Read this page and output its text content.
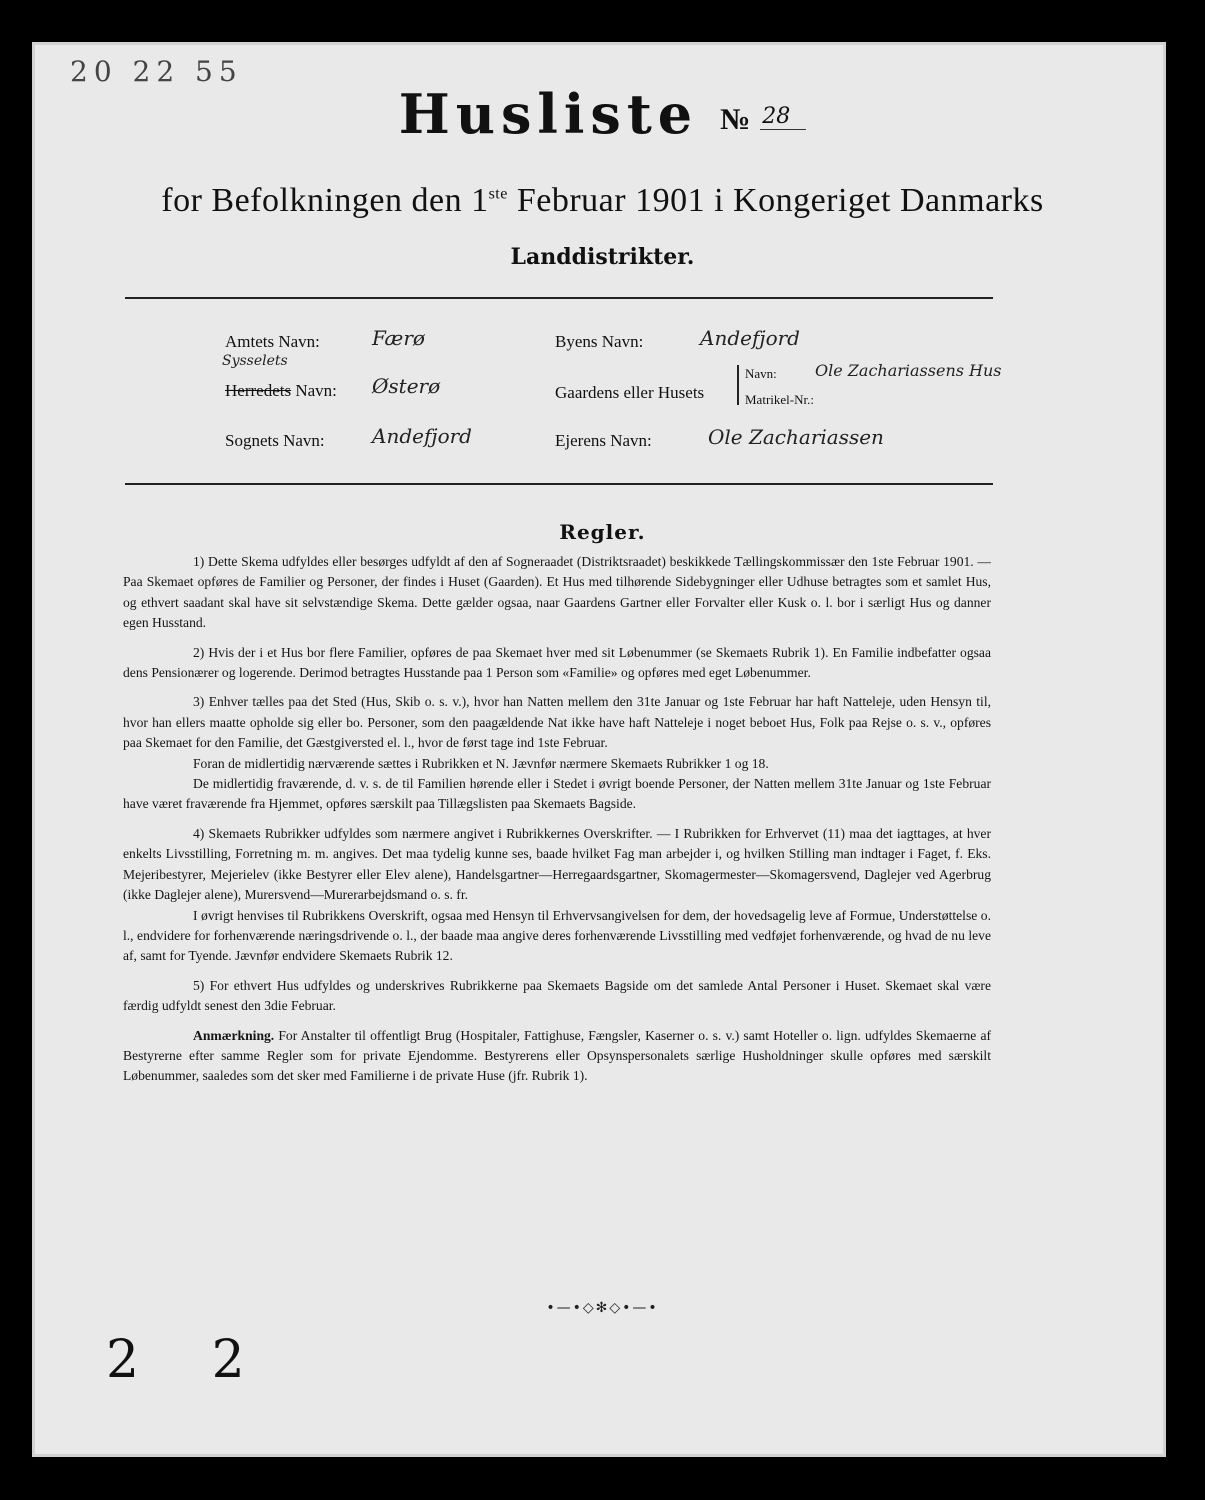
20 22 55
Husliste № 28
for Befolkningen den 1ste Februar 1901 i Kongeriget Danmarks
Landdistrikter.
Amtets Navn:	Færø	Byens Navn:	Andefjord
Sysselets
Herredets Navn: Østerø	Gaardens eller Husets
Navn: Ole Zachariassens Hus
Matrikel-Nr.:
Sognets Navn: Andefjord	Ejerens Navn:	Ole Zachariassen
Regler.

1) Dette Skema udfyldes eller besørges udfyldt af den af Sogneraadet (Distriktsraadet) beskikkede Tællingskommissær den 1ste Februar 1901. — Paa Skemaet opføres de Familier og Personer, der findes i Huset (Gaarden). Et Hus med tilhørende Sidebygninger eller Udhuse betragtes som et samlet Hus, og ethvert saadant skal have sit selvstændige Skema. Dette gælder ogsaa, naar Gaardens Gartner eller Forvalter eller Kusk o. l. bor i særligt Hus og danner egen Husstand.

2) Hvis der i et Hus bor flere Familier, opføres de paa Skemaet hver med sit Løbenummer (se Skemaets Rubrik 1). En Familie indbefatter ogsaa dens Pensionærer og logerende. Derimod betragtes Husstande paa 1 Person som «Familie» og opføres med eget Løbenummer.

3) Enhver tælles paa det Sted (Hus, Skib o. s. v.), hvor han Natten mellem den 31te Januar og 1ste Februar har haft Natteleje, uden Hensyn til, hvor han ellers maatte opholde sig eller bo. Personer, som den paagældende Nat ikke have haft Natteleje i noget beboet Hus, Folk paa Rejse o. s. v., opføres paa Skemaet for den Familie, det Gæstgiversted el. l., hvor de først tage ind 1ste Februar.

Foran de midlertidig nærværende sættes i Rubrikken et N. Jævnfør nærmere Skemaets Rubrikker 1 og 18.

De midlertidig fraværende, d. v. s. de til Familien hørende eller i Stedet i øvrigt boende Personer, der Natten mellem 31te Januar og 1ste Februar have været fraværende fra Hjemmet, opføres særskilt paa Tillægslisten paa Skemaets Bagside.

4) Skemaets Rubrikker udfyldes som nærmere angivet i Rubrikkernes Overskrifter. — I Rubrikken for Erhvervet (11) maa det iagttages, at hver enkelts Livsstilling, Forretning m. m. angives. Det maa tydelig kunne ses, baade hvilket Fag man arbejder i, og hvilken Stilling man indtager i Faget, f. Eks. Mejeribestyrer, Mejerielev (ikke Bestyrer eller Elev alene), Handelsgartner—Herregaardsgartner, Skomagermester—Skomagersvend, Daglejer ved Agerbrug (ikke Daglejer alene), Murersvend—Murerarbejdsmand o. s. fr.

I øvrigt henvises til Rubrikkens Overskrift, ogsaa med Hensyn til Erhvervsangivelsen for dem, der hovedsagelig leve af Formue, Understøttelse o. l., endvidere for forhenværende næringsdrivende o. l., der baade maa angive deres forhenværende Livsstilling med vedføjet forhenværende, og hvad de nu leve af, samt for Tyende. Jævnfør endvidere Skemaets Rubrik 12.

5) For ethvert Hus udfyldes og underskrives Rubrikkerne paa Skemaets Bagside om det samlede Antal Personer i Huset. Skemaet skal være færdig udfyldt senest den 3die Februar.

Anmærkning. For Anstalter til offentligt Brug (Hospitaler, Fattighuse, Fængsler, Kaserner o. s. v.) samt Hoteller o. lign. udfyldes Skemaerne af Bestyrerne efter samme Regler som for private Ejendomme. Bestyrerens eller Opsynspersonalets særlige Husholdninger skulle opføres med særskilt Løbenummer, saaledes som det sker med Familierne i de private Huse (jfr. Rubrik 1).

•—•◇✻◇•—•
2 2
